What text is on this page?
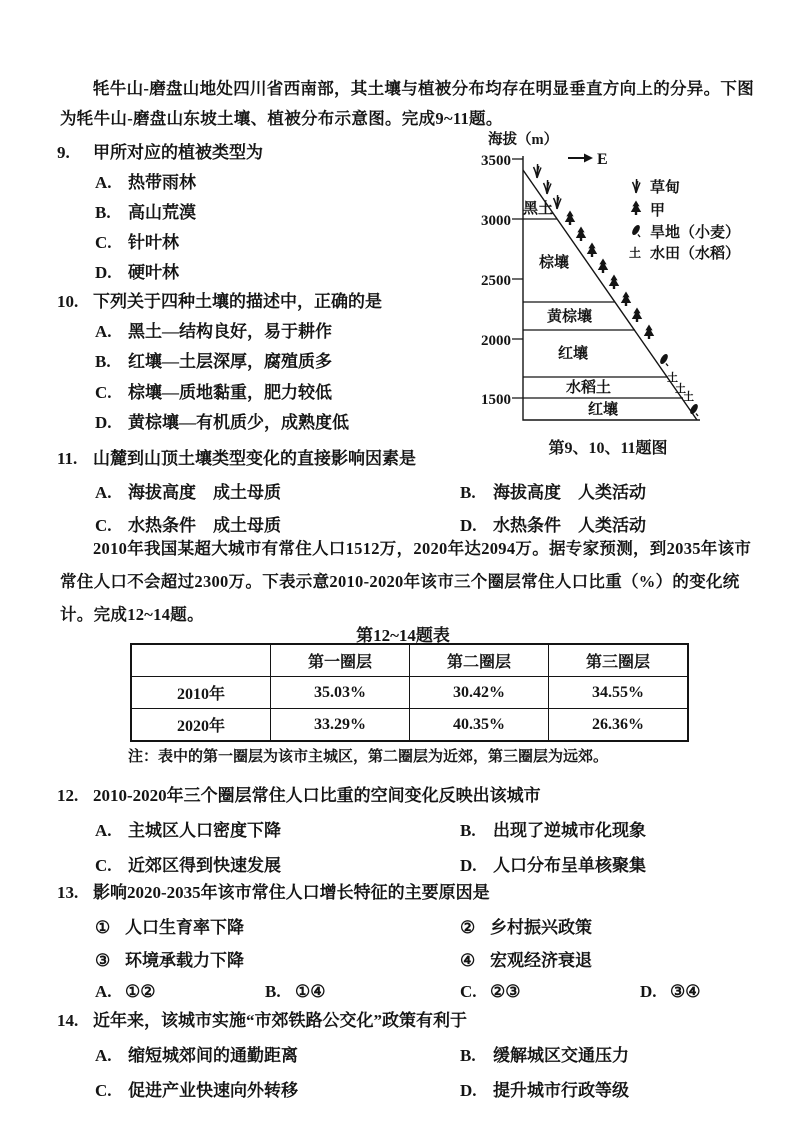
牦牛山-磨盘山地处四川省西南部，其土壤与植被分布均存在明显垂直方向上的分异。下图为牦牛山-磨盘山东坡土壤、植被分布示意图。完成9~11题。

9.	甲所对应的植被类型为
A. 热带雨林
B.	高山荒漠
C. 针叶林
D. 硬叶林
海拔（m）
3500
3000
2500
2000
1500
E
黑土
棕壤
黄棕壤
红壤
水稻土
红壤
土
土
土
土
草甸
甲
旱地（小麦）
水田（水稻）
第9、10、11题图
10. 下列关于四种土壤的描述中，正确的是
A. 黑土—结构良好，易于耕作
B.	红壤—土层深厚，腐殖质多
C. 棕壤—质地黏重，肥力较低
D. 黄棕壤—有机质少，成熟度低
11. 山麓到山顶土壤类型变化的直接影响因素是
A. 海拔高度　成土母质	B.	海拔高度　人类活动
C. 水热条件　成土母质	D. 水热条件　人类活动

2010年我国某超大城市有常住人口1512万，2020年达2094万。据专家预测，到2035年该市常住人口不会超过2300万。下表示意2010-2020年该市三个圈层常住人口比重（%）的变化统计。完成12~14题。

第12~14题表
	第一圈层	第二圈层	第三圈层
2010年	35.03%	30.42%	34.55%
2020年	33.29%	40.35%	26.36%
注：表中的第一圈层为该市主城区，第二圈层为近郊，第三圈层为远郊。
12. 2010-2020年三个圈层常住人口比重的空间变化反映出该城市
A. 主城区人口密度下降	B.	出现了逆城市化现象
C. 近郊区得到快速发展	D. 人口分布呈单核聚集
13. 影响2020-2035年该市常住人口增长特征的主要原因是
① 人口生育率下降	② 乡村振兴政策
③ 环境承载力下降	④ 宏观经济衰退
A. ①②	B. ①④	C. ②③	D. ③④
14. 近年来，该城市实施“市郊铁路公交化”政策有利于
A. 缩短城郊间的通勤距离	B.	缓解城区交通压力
C. 促进产业快速向外转移	D. 提升城市行政等级
